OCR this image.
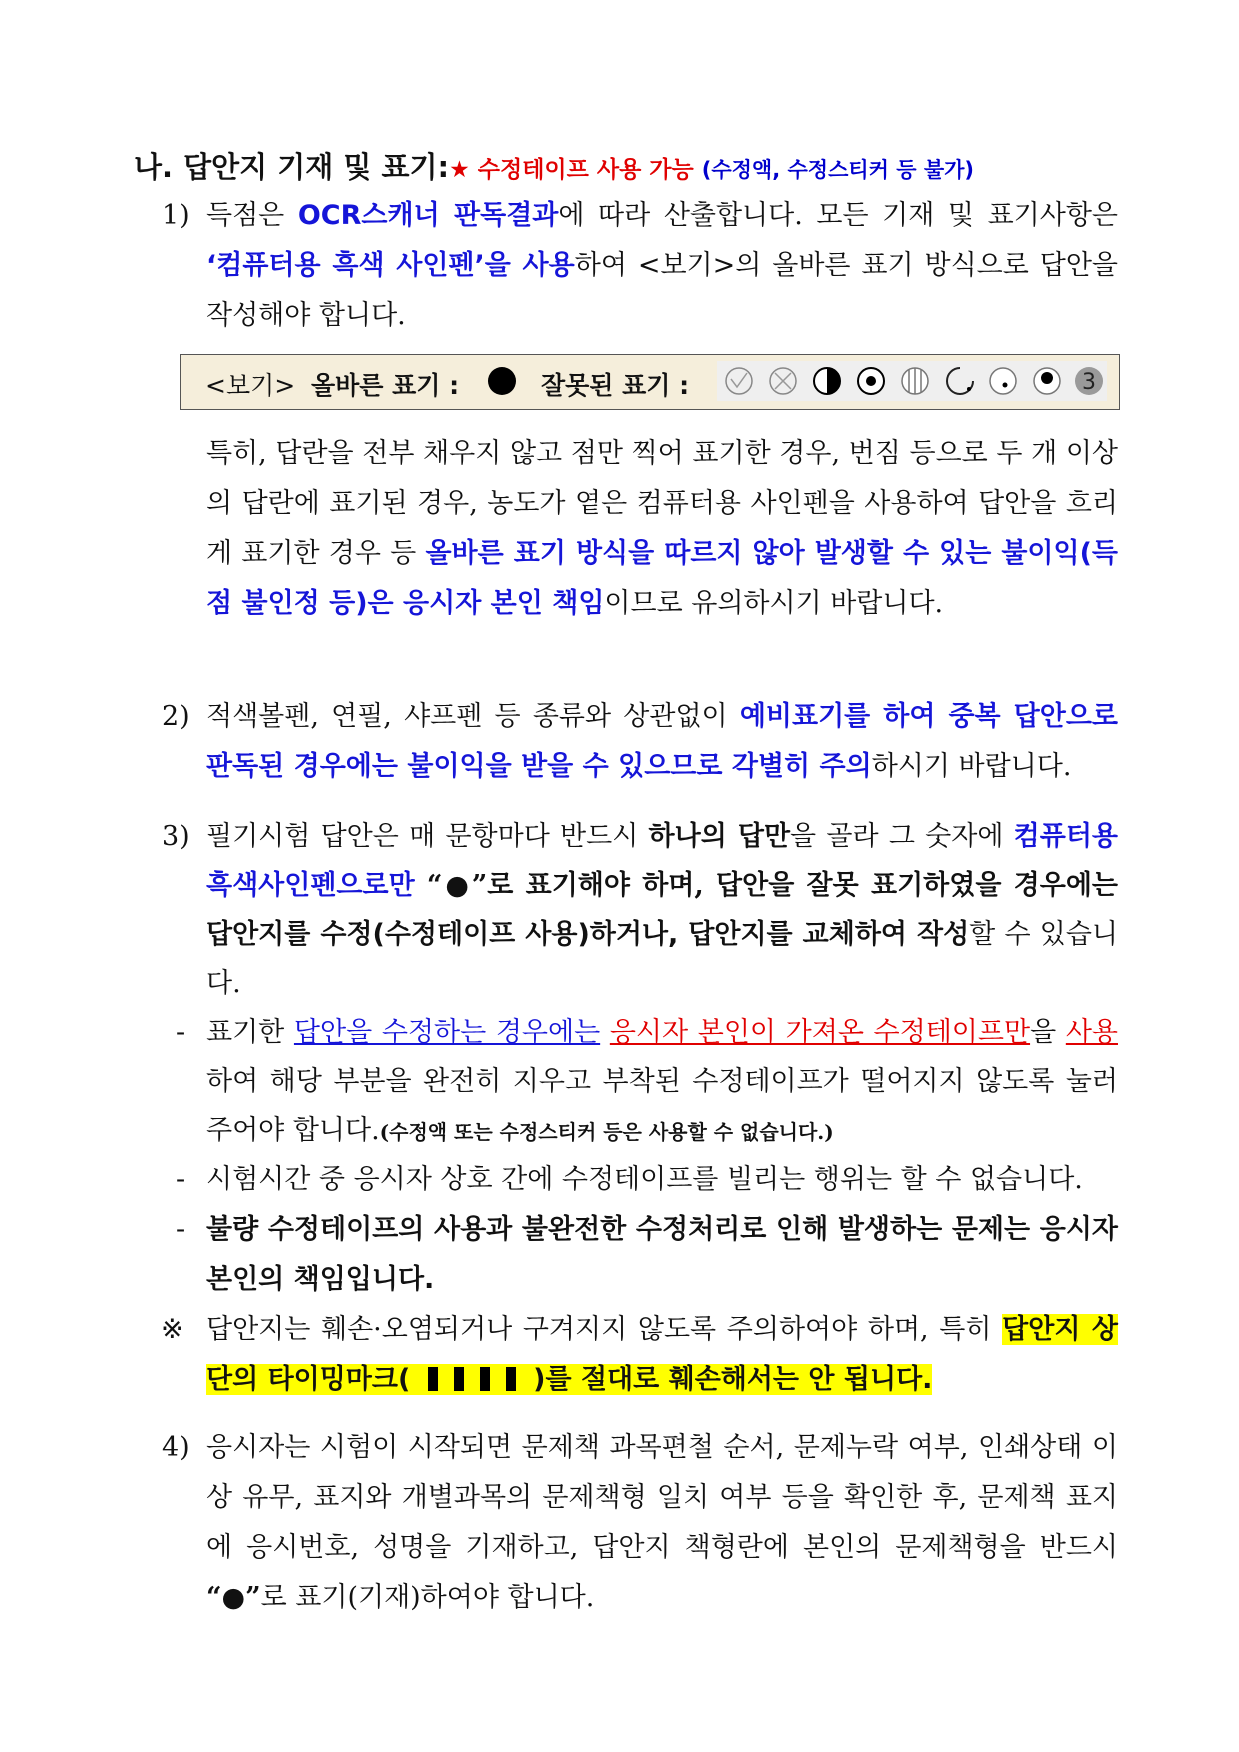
나. 답안지 기재 및 표기:★ 수정테이프 사용 가능 (수정액, 수정스티커 등 불가)
1) 득점은 OCR스캐너 판독결과에 따라 산출합니다. 모든 기재 및 표기사항은 ‘컴퓨터용 흑색 사인펜’을 사용하여 <보기>의 올바른 표기 방식으로 답안을 작성해야 합니다.
<보기> 올바른 표기 :	잘못된 표기 :	3
특히, 답란을 전부 채우지 않고 점만 찍어 표기한 경우, 번짐 등으로 두 개 이상의 답란에 표기된 경우, 농도가 옅은 컴퓨터용 사인펜을 사용하여 답안을 흐리게 표기한 경우 등 올바른 표기 방식을 따르지 않아 발생할 수 있는 불이익(득점 불인정 등)은 응시자 본인 책임이므로 유의하시기 바랍니다.
2) 적색볼펜, 연필, 샤프펜 등 종류와 상관없이 예비표기를 하여 중복 답안으로 판독된 경우에는 불이익을 받을 수 있으므로 각별히 주의하시기 바랍니다.
3) 필기시험 답안은 매 문항마다 반드시 하나의 답만을 골라 그 숫자에 컴퓨터용 흑색사인펜으로만 “●”로 표기해야 하며, 답안을 잘못 표기하였을 경우에는 답안지를 수정(수정테이프 사용)하거나, 답안지를 교체하여 작성할 수 있습니다.
- 표기한 답안을 수정하는 경우에는 응시자 본인이 가져온 수정테이프만을 사용하여 해당 부분을 완전히 지우고 부착된 수정테이프가 떨어지지 않도록 눌러 주어야 합니다.(수정액 또는 수정스티커 등은 사용할 수 없습니다.)
- 시험시간 중 응시자 상호 간에 수정테이프를 빌리는 행위는 할 수 없습니다.
- 불량 수정테이프의 사용과 불완전한 수정처리로 인해 발생하는 문제는 응시자 본인의 책임입니다.
※ 답안지는 훼손·오염되거나 구겨지지 않도록 주의하여야 하며, 특히 답안지 상단의 타이밍마크(	)를 절대로 훼손해서는 안 됩니다.
4) 응시자는 시험이 시작되면 문제책 과목편철 순서, 문제누락 여부, 인쇄상태 이상 유무, 표지와 개별과목의 문제책형 일치 여부 등을 확인한 후, 문제책 표지에 응시번호, 성명을 기재하고, 답안지 책형란에 본인의 문제책형을 반드시 “●”로 표기(기재)하여야 합니다.
